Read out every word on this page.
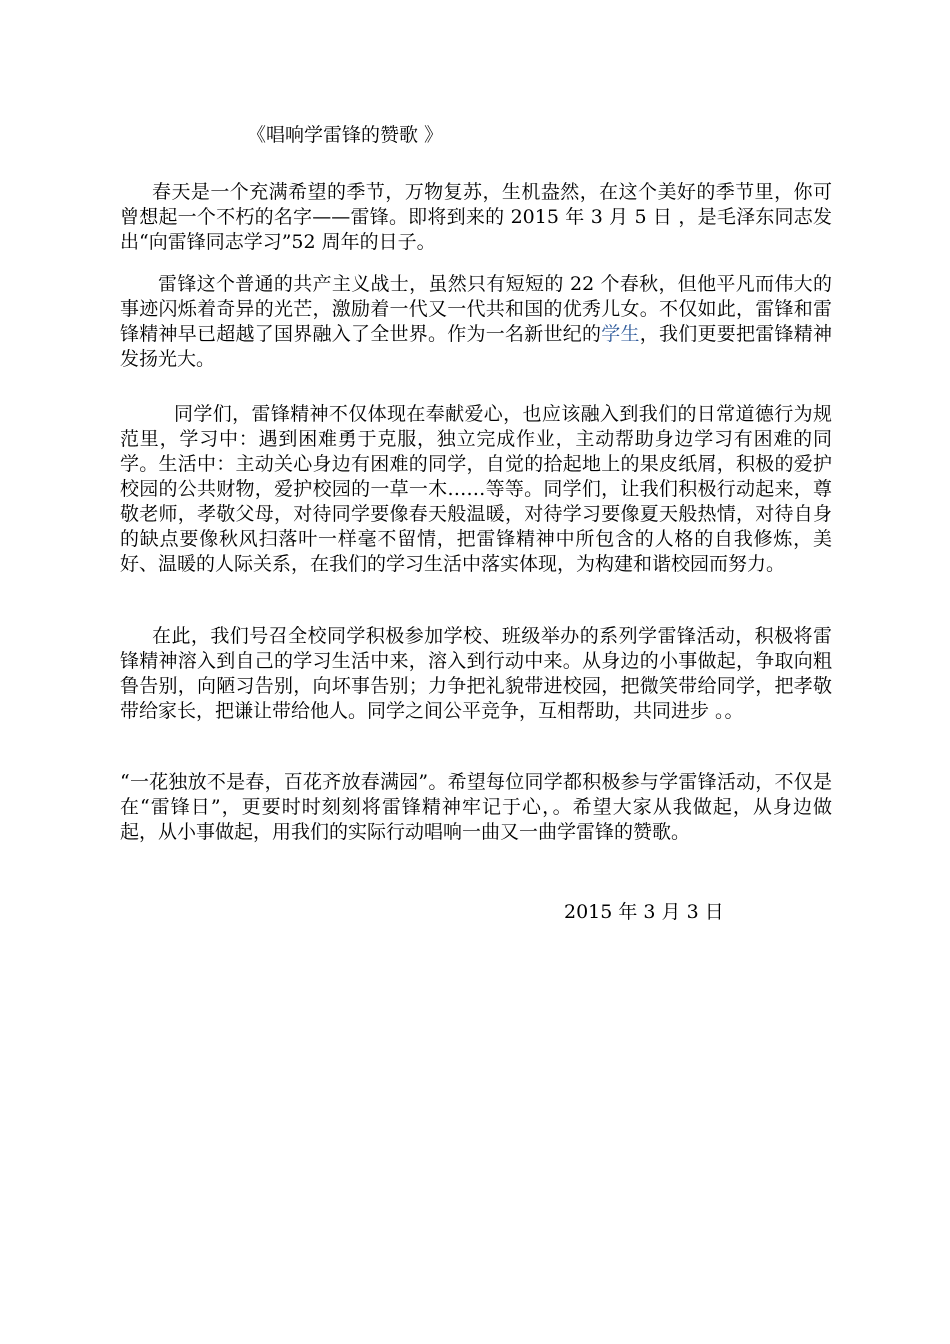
《唱响学雷锋的赞歌 》

春天是一个充满希望的季节，万物复苏，生机盎然，在这个美好的季节里，你可曾想起一个不朽的名字——雷锋。即将到来的 2015 年 3 月 5 日 ，是毛泽东同志发出“向雷锋同志学习”52 周年的日子。

雷锋这个普通的共产主义战士，虽然只有短短的 22 个春秋，但他平凡而伟大的事迹闪烁着奇异的光芒，激励着一代又一代共和国的优秀儿女。不仅如此，雷锋和雷锋精神早已超越了国界融入了全世界。作为一名新世纪的学生，我们更要把雷锋精神发扬光大。

同学们，雷锋精神不仅体现在奉献爱心，也应该融入到我们的日常道德行为规范里，学习中：遇到困难勇于克服，独立完成作业，主动帮助身边学习有困难的同学。生活中：主动关心身边有困难的同学，自觉的拾起地上的果皮纸屑，积极的爱护校园的公共财物，爱护校园的一草一木……等等。同学们，让我们积极行动起来，尊敬老师，孝敬父母，对待同学要像春天般温暖，对待学习要像夏天般热情，对待自身的缺点要像秋风扫落叶一样毫不留情，把雷锋精神中所包含的人格的自我修炼，美好、温暖的人际关系，在我们的学习生活中落实体现，为构建和谐校园而努力。

在此，我们号召全校同学积极参加学校、班级举办的系列学雷锋活动，积极将雷锋精神溶入到自己的学习生活中来，溶入到行动中来。从身边的小事做起，争取向粗鲁告别，向陋习告别，向坏事告别；力争把礼貌带进校园，把微笑带给同学，把孝敬带给家长，把谦让带给他人。同学之间公平竞争，互相帮助，共同进步 。。

“一花独放不是春，百花齐放春满园”。希望每位同学都积极参与学雷锋活动，不仅是在“雷锋日”，更要时时刻刻将雷锋精神牢记于心，。希望大家从我做起，从身边做起，从小事做起，用我们的实际行动唱响一曲又一曲学雷锋的赞歌。

2015 年 3 月 3 日
